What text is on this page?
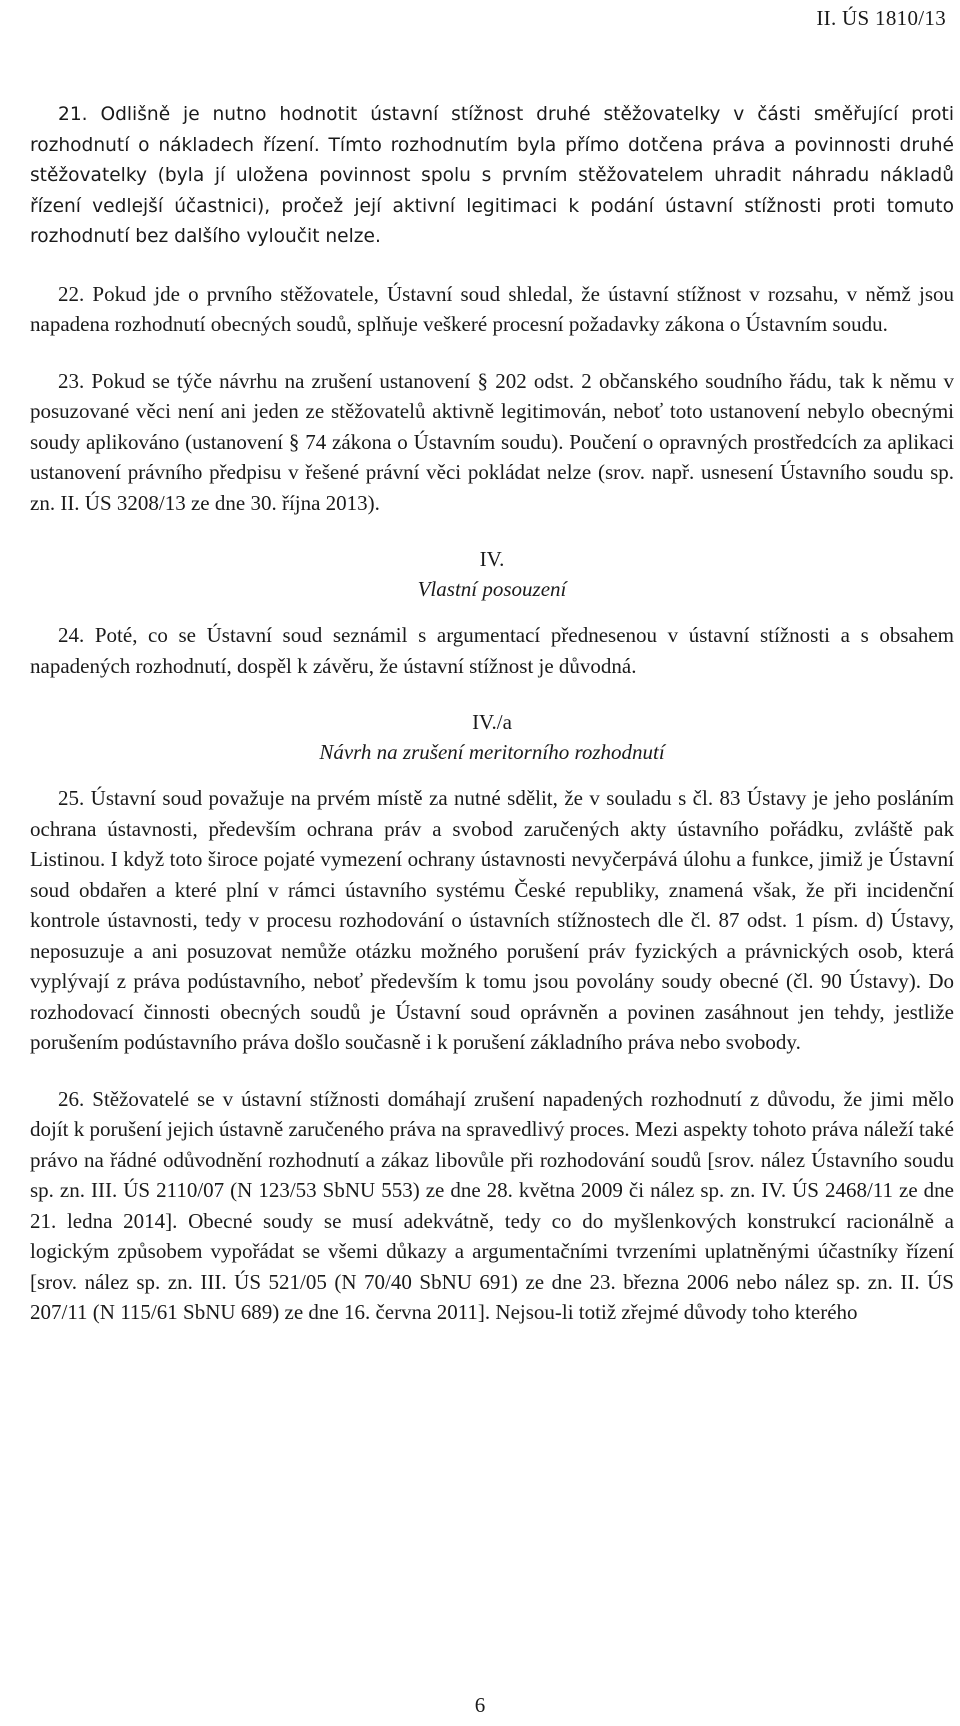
II. ÚS 1810/13

21. Odlišně je nutno hodnotit ústavní stížnost druhé stěžovatelky v části směřující proti rozhodnutí o nákladech řízení. Tímto rozhodnutím byla přímo dotčena práva a povinnosti druhé stěžovatelky (byla jí uložena povinnost spolu s prvním stěžovatelem uhradit náhradu nákladů řízení vedlejší účastnici), pročež její aktivní legitimaci k podání ústavní stížnosti proti tomuto rozhodnutí bez dalšího vyloučit nelze.

22. Pokud jde o prvního stěžovatele, Ústavní soud shledal, že ústavní stížnost v rozsahu, v němž jsou napadena rozhodnutí obecných soudů, splňuje veškeré procesní požadavky zákona o Ústavním soudu.

23. Pokud se týče návrhu na zrušení ustanovení § 202 odst. 2 občanského soudního řádu, tak k němu v posuzované věci není ani jeden ze stěžovatelů aktivně legitimován, neboť toto ustanovení nebylo obecnými soudy aplikováno (ustanovení § 74 zákona o Ústavním soudu). Poučení o opravných prostředcích za aplikaci ustanovení právního předpisu v řešené právní věci pokládat nelze (srov. např. usnesení Ústavního soudu sp. zn. II. ÚS 3208/13 ze dne 30. října 2013).

IV.

Vlastní posouzení

24. Poté, co se Ústavní soud seznámil s argumentací přednesenou v ústavní stížnosti a s obsahem napadených rozhodnutí, dospěl k závěru, že ústavní stížnost je důvodná.

IV./a

Návrh na zrušení meritorního rozhodnutí

25. Ústavní soud považuje na prvém místě za nutné sdělit, že v souladu s čl. 83 Ústavy je jeho posláním ochrana ústavnosti, především ochrana práv a svobod zaručených akty ústavního pořádku, zvláště pak Listinou. I když toto široce pojaté vymezení ochrany ústavnosti nevyčerpává úlohu a funkce, jimiž je Ústavní soud obdařen a které plní v rámci ústavního systému České republiky, znamená však, že při incidenční kontrole ústavnosti, tedy v procesu rozhodování o ústavních stížnostech dle čl. 87 odst. 1 písm. d) Ústavy, neposuzuje a ani posuzovat nemůže otázku možného porušení práv fyzických a právnických osob, která vyplývají z práva podústavního, neboť především k tomu jsou povolány soudy obecné (čl. 90 Ústavy). Do rozhodovací činnosti obecných soudů je Ústavní soud oprávněn a povinen zasáhnout jen tehdy, jestliže porušením podústavního práva došlo současně i k porušení základního práva nebo svobody.

26. Stěžovatelé se v ústavní stížnosti domáhají zrušení napadených rozhodnutí z důvodu, že jimi mělo dojít k porušení jejich ústavně zaručeného práva na spravedlivý proces. Mezi aspekty tohoto práva náleží také právo na řádné odůvodnění rozhodnutí a zákaz libovůle při rozhodování soudů [srov. nález Ústavního soudu sp. zn. III. ÚS 2110/07 (N 123/53 SbNU 553) ze dne 28. května 2009 či nález sp. zn. IV. ÚS 2468/11 ze dne 21. ledna 2014]. Obecné soudy se musí adekvátně, tedy co do myšlenkových konstrukcí racionálně a logickým způsobem vypořádat se všemi důkazy a argumentačními tvrzeními uplatněnými účastníky řízení [srov. nález sp. zn. III. ÚS 521/05 (N 70/40 SbNU 691) ze dne 23. března 2006 nebo nález sp. zn. II. ÚS 207/11 (N 115/61 SbNU 689) ze dne 16. června 2011]. Nejsou-li totiž zřejmé důvody toho kterého

6
